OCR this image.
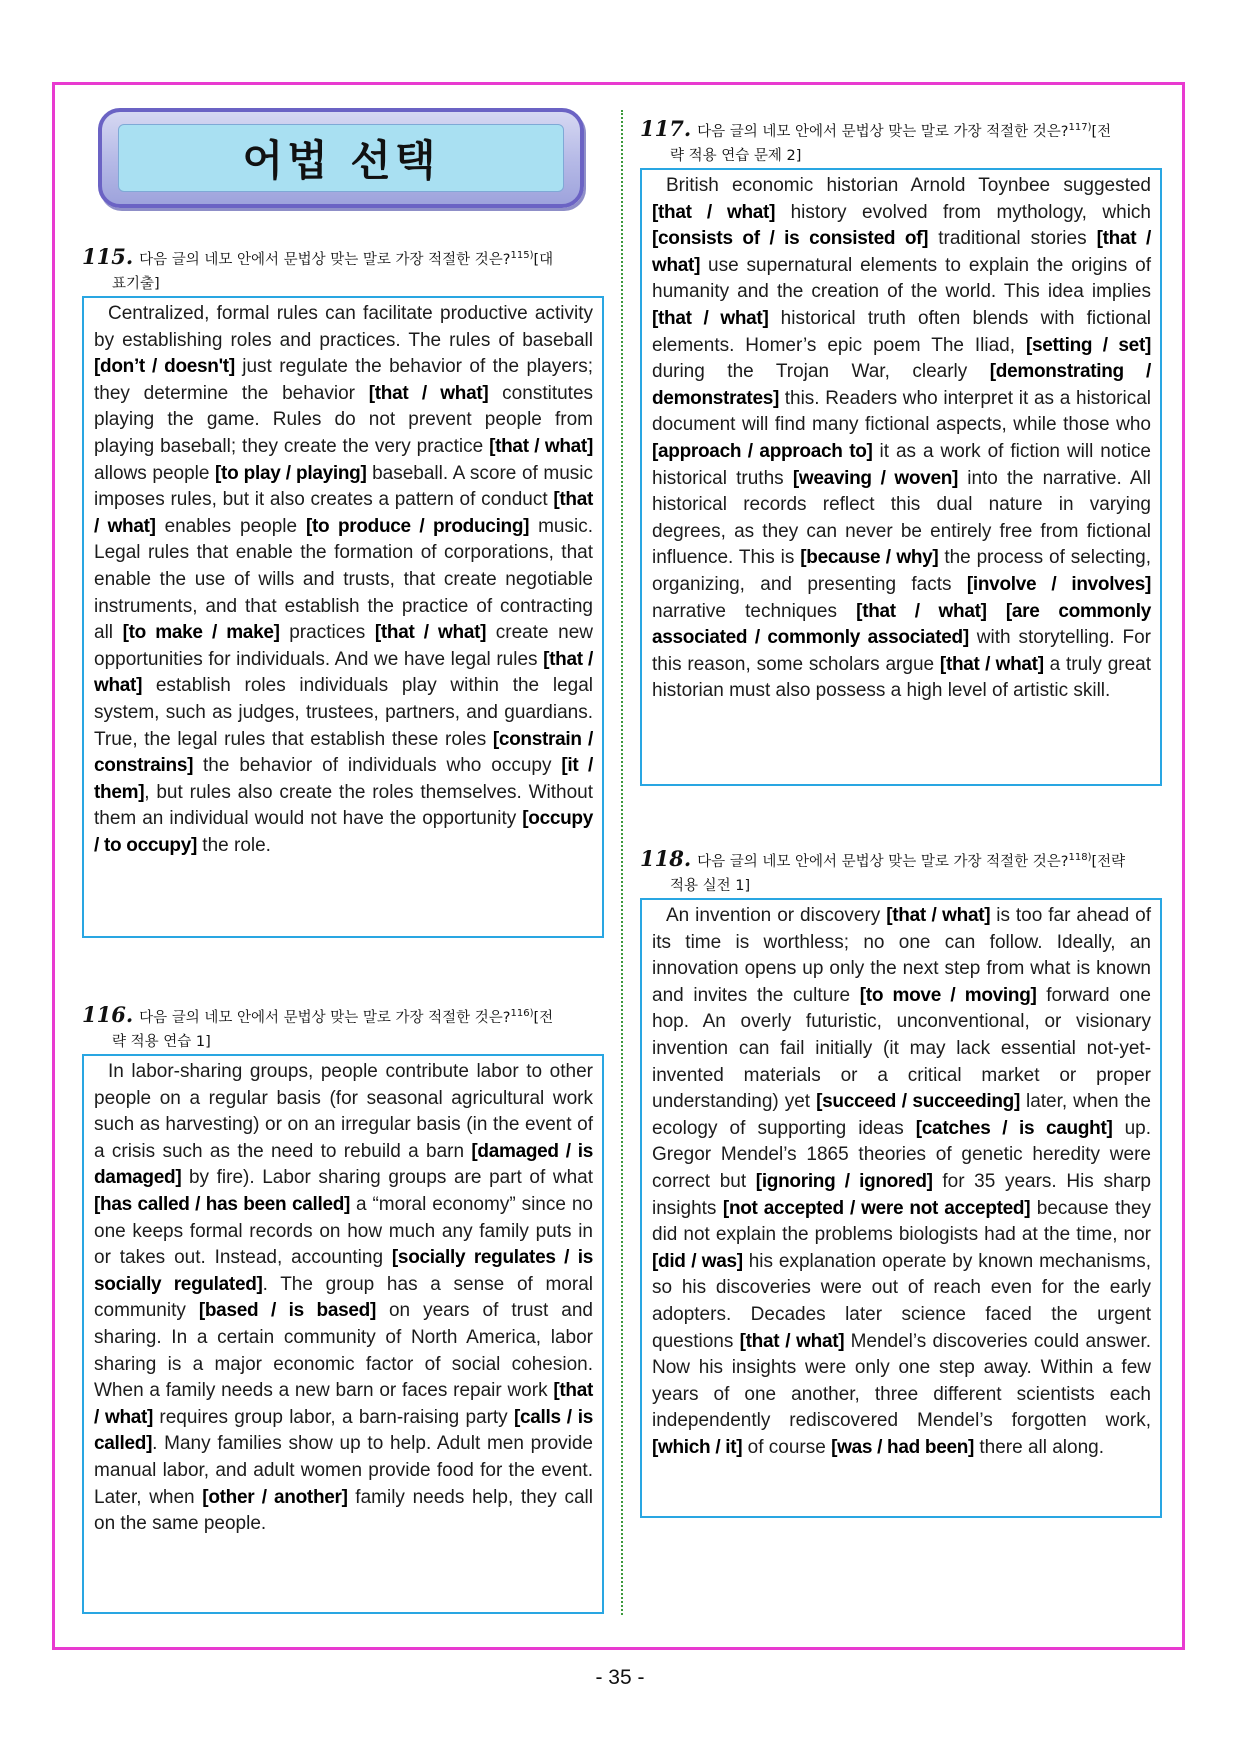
어법 선택
115. 다음 글의 네모 안에서 문법상 맞는 말로 가장 적절한 것은?$^{115)}$[대
표기출]

Centralized, formal rules can facilitate productive activity by establishing roles and practices. The rules of baseball [don’t / doesn't] just regulate the behavior of the players; they determine the behavior [that / what] constitutes playing the game. Rules do not prevent people from playing baseball; they create the very practice [that / what] allows people [to play / playing] baseball. A score of music imposes rules, but it also creates a pattern of conduct [that / what] enables people [to produce / producing] music. Legal rules that enable the formation of corporations, that enable the use of wills and trusts, that create negotiable instruments, and that establish the practice of contracting all [to make / make] practices [that / what] create new opportunities for individuals. And we have legal rules [that / what] establish roles individuals play within the legal system, such as judges, trustees, partners, and guardians. True, the legal rules that establish these roles [constrain / constrains] the behavior of individuals who occupy [it / them], but rules also create the roles themselves. Without them an individual would not have the opportunity [occupy / to occupy] the role.

116. 다음 글의 네모 안에서 문법상 맞는 말로 가장 적절한 것은?$^{116)}$[전
략 적용 연습 1]

In labor-sharing groups, people contribute labor to other people on a regular basis (for seasonal agricultural work such as harvesting) or on an irregular basis (in the event of a crisis such as the need to rebuild a barn [damaged / is damaged] by fire). Labor sharing groups are part of what [has called / has been called] a “moral economy” since no one keeps formal records on how much any family puts in or takes out. Instead, accounting [socially regulates / is socially regulated]. The group has a sense of moral community [based / is based] on years of trust and sharing. In a certain community of North America, labor sharing is a major economic factor of social cohesion. When a family needs a new barn or faces repair work [that / what] requires group labor, a barn-raising party [calls / is called]. Many families show up to help. Adult men provide manual labor, and adult women provide food for the event. Later, when [other / another] family needs help, they call on the same people.

117. 다음 글의 네모 안에서 문법상 맞는 말로 가장 적절한 것은?$^{117)}$[전
략 적용 연습 문제 2]

British economic historian Arnold Toynbee suggested [that / what] history evolved from mythology, which [consists of / is consisted of] traditional stories [that / what] use supernatural elements to explain the origins of humanity and the creation of the world. This idea implies [that / what] historical truth often blends with fictional elements. Homer’s epic poem The Iliad, [setting / set] during the Trojan War, clearly [demonstrating / demonstrates] this. Readers who interpret it as a historical document will find many fictional aspects, while those who [approach / approach to] it as a work of fiction will notice historical truths [weaving / woven] into the narrative. All historical records reflect this dual nature in varying degrees, as they can never be entirely free from fictional influence. This is [because / why] the process of selecting, organizing, and presenting facts [involve / involves] narrative techniques [that / what] [are commonly associated / commonly associated] with storytelling. For this reason, some scholars argue [that / what] a truly great historian must also possess a high level of artistic skill.

118. 다음 글의 네모 안에서 문법상 맞는 말로 가장 적절한 것은?$^{118)}$[전략
적용 실전 1]

An invention or discovery [that / what] is too far ahead of its time is worthless; no one can follow. Ideally, an innovation opens up only the next step from what is known and invites the culture [to move / moving] forward one hop. An overly futuristic, unconventional, or visionary invention can fail initially (it may lack essential not-yet-invented materials or a critical market or proper understanding) yet [succeed / succeeding] later, when the ecology of supporting ideas [catches / is caught] up. Gregor Mendel’s 1865 theories of genetic heredity were correct but [ignoring / ignored] for 35 years. His sharp insights [not accepted / were not accepted] because they did not explain the problems biologists had at the time, nor [did / was] his explanation operate by known mechanisms, so his discoveries were out of reach even for the early adopters. Decades later science faced the urgent questions [that / what] Mendel’s discoveries could answer. Now his insights were only one step away. Within a few years of one another, three different scientists each independently rediscovered Mendel’s forgotten work, [which / it] of course [was / had been] there all along.

- 35 -
